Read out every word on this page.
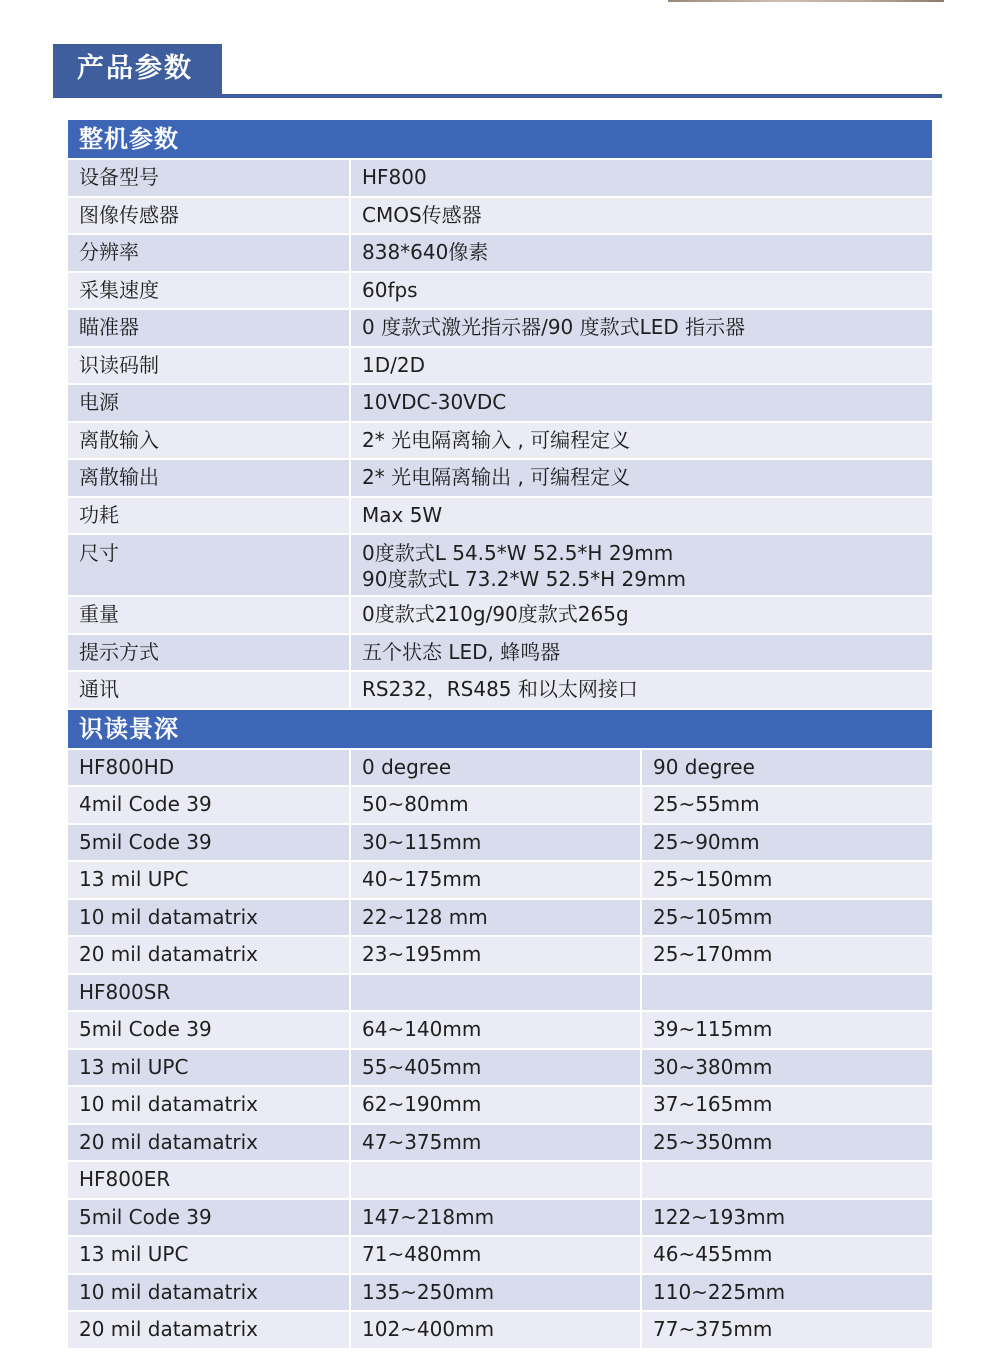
产品参数
整机参数
设备型号	HF800
图像传感器	CMOS传感器
分辨率	838*640像素
采集速度	60fps
瞄准器	0 度款式激光指示器/90 度款式LED 指示器
识读码制	1D/2D
电源	10VDC-30VDC
离散输入	2* 光电隔离输入 , 可编程定义
离散输出	2* 光电隔离输出 , 可编程定义
功耗	Max 5W
尺寸	0度款式L 54.5*W 52.5*H 29mm
90度款式L 73.2*W 52.5*H 29mm
重量	0度款式210g/90度款式265g
提示方式	五个状态 LED, 蜂鸣器
通讯	RS232，RS485 和以太网接口
识读景深
HF800HD	0 degree	90 degree
4mil Code 39	50~80mm	25~55mm
5mil Code 39	30~115mm	25~90mm
13 mil UPC	40~175mm	25~150mm
10 mil datamatrix	22~128 mm	25~105mm
20 mil datamatrix	23~195mm	25~170mm
HF800SR
5mil Code 39	64~140mm	39~115mm
13 mil UPC	55~405mm	30~380mm
10 mil datamatrix	62~190mm	37~165mm
20 mil datamatrix	47~375mm	25~350mm
HF800ER
5mil Code 39	147~218mm	122~193mm
13 mil UPC	71~480mm	46~455mm
10 mil datamatrix	135~250mm	110~225mm
20 mil datamatrix	102~400mm	77~375mm
